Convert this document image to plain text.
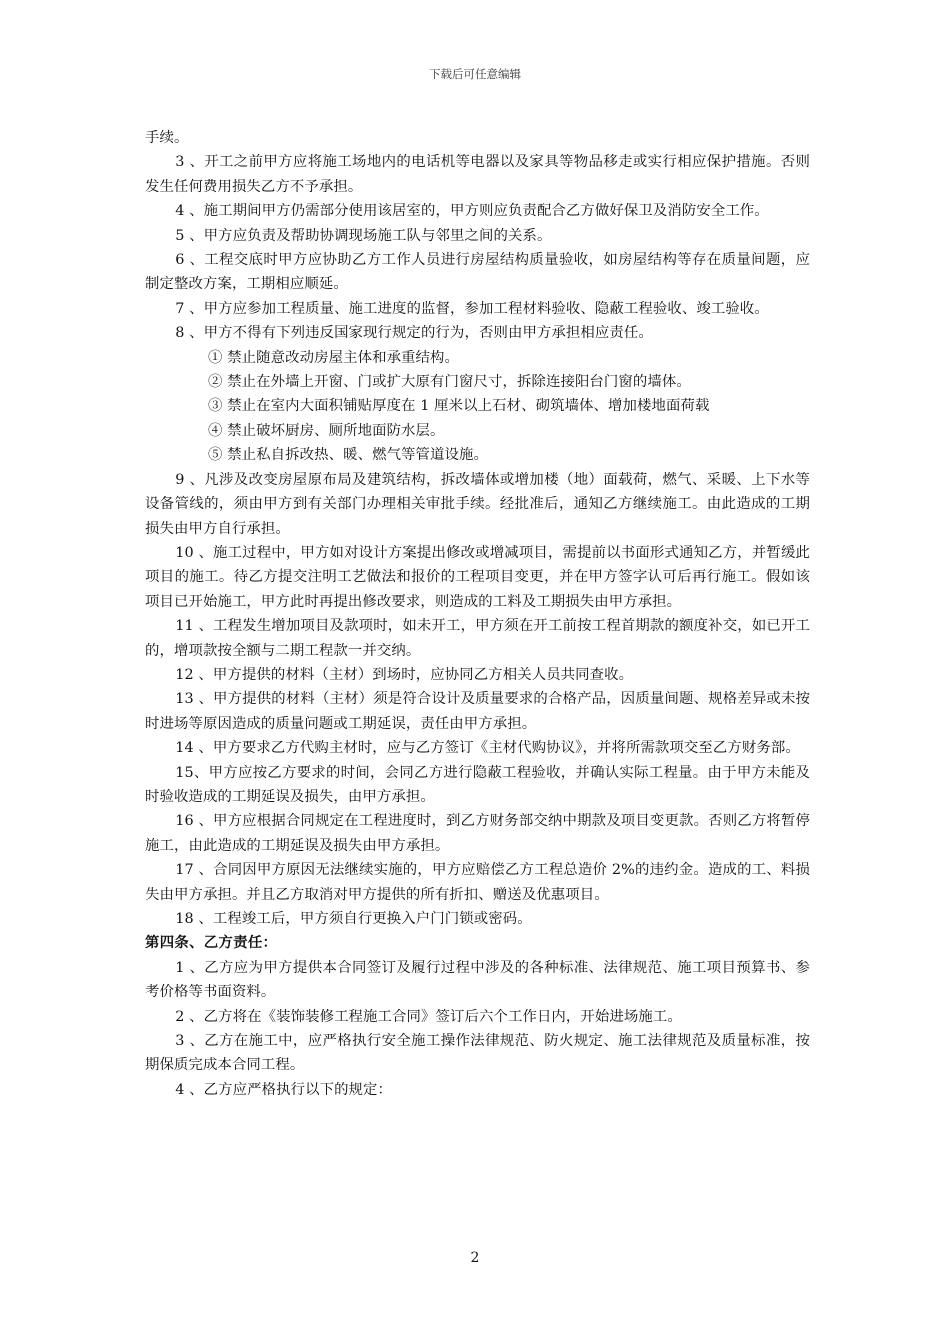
下载后可任意编辑

手续。

3 、开工之前甲方应将施工场地内的电话机等电器以及家具等物品移走或实行相应保护措施。否则发生任何费用损失乙方不予承担。

4 、施工期间甲方仍需部分使用该居室的，甲方则应负责配合乙方做好保卫及消防安全工作。

5 、甲方应负责及帮助协调现场施工队与邻里之间的关系。

6 、工程交底时甲方应协助乙方工作人员进行房屋结构质量验收，如房屋结构等存在质量间题，应制定整改方案，工期相应顺延。

7 、甲方应参加工程质量、施工进度的监督，参加工程材料验收、隐蔽工程验收、竣工验收。

8 、甲方不得有下列违反国家现行规定的行为，否则由甲方承担相应责任。

① 禁止随意改动房屋主体和承重结构。

② 禁止在外墙上开窗、门或扩大原有门窗尺寸，拆除连接阳台门窗的墙体。

③ 禁止在室内大面积铺贴厚度在 1 厘米以上石材、砌筑墙体、增加楼地面荷载

④ 禁止破坏厨房、厕所地面防水层。

⑤ 禁止私自拆改热、暖、燃气等管道设施。

9 、凡涉及改变房屋原布局及建筑结构，拆改墙体或增加楼（地）面载荷，燃气、采暖、上下水等设备管线的，须由甲方到有关部门办理相关审批手续。经批准后，通知乙方继续施工。由此造成的工期损失由甲方自行承担。

10 、施工过程中，甲方如对设计方案提出修改或增减项目，需提前以书面形式通知乙方，并暂缓此项目的施工。待乙方提交注明工艺做法和报价的工程项目变更，并在甲方签字认可后再行施工。假如该项目已开始施工，甲方此时再提出修改要求，则造成的工料及工期损失由甲方承担。

11 、工程发生增加项目及款项时，如未开工，甲方须在开工前按工程首期款的额度补交，如已开工的，增项款按全额与二期工程款一并交纳。

12 、甲方提供的材料（主材）到场时，应协同乙方相关人员共同查收。

13 、甲方提供的材料（主材）须是符合设计及质量要求的合格产品，因质量间题、规格差异或未按时进场等原因造成的质量问题或工期延误，责任由甲方承担。

14 、甲方要求乙方代购主材时，应与乙方签订《主材代购协议》，并将所需款项交至乙方财务部。

15、甲方应按乙方要求的时间，会同乙方进行隐蔽工程验收，并确认实际工程量。由于甲方未能及时验收造成的工期延误及损失，由甲方承担。

16 、甲方应根据合同规定在工程进度时，到乙方财务部交纳中期款及项目变更款。否则乙方将暂停施工，由此造成的工期延误及损失由甲方承担。

17 、合同因甲方原因无法继续实施的，甲方应赔偿乙方工程总造价 2%的违约金。造成的工、料损失由甲方承担。并且乙方取消对甲方提供的所有折扣、赠送及优惠项目。

18 、工程竣工后，甲方须自行更换入户门门锁或密码。

第四条、乙方责任：

1 、乙方应为甲方提供本合同签订及履行过程中涉及的各种标准、法律规范、施工项目预算书、参考价格等书面资料。

2 、乙方将在《装饰装修工程施工合同》签订后六个工作日内，开始进场施工。

3 、乙方在施工中，应严格执行安全施工操作法律规范、防火规定、施工法律规范及质量标准，按期保质完成本合同工程。

4 、乙方应严格执行以下的规定：

2
